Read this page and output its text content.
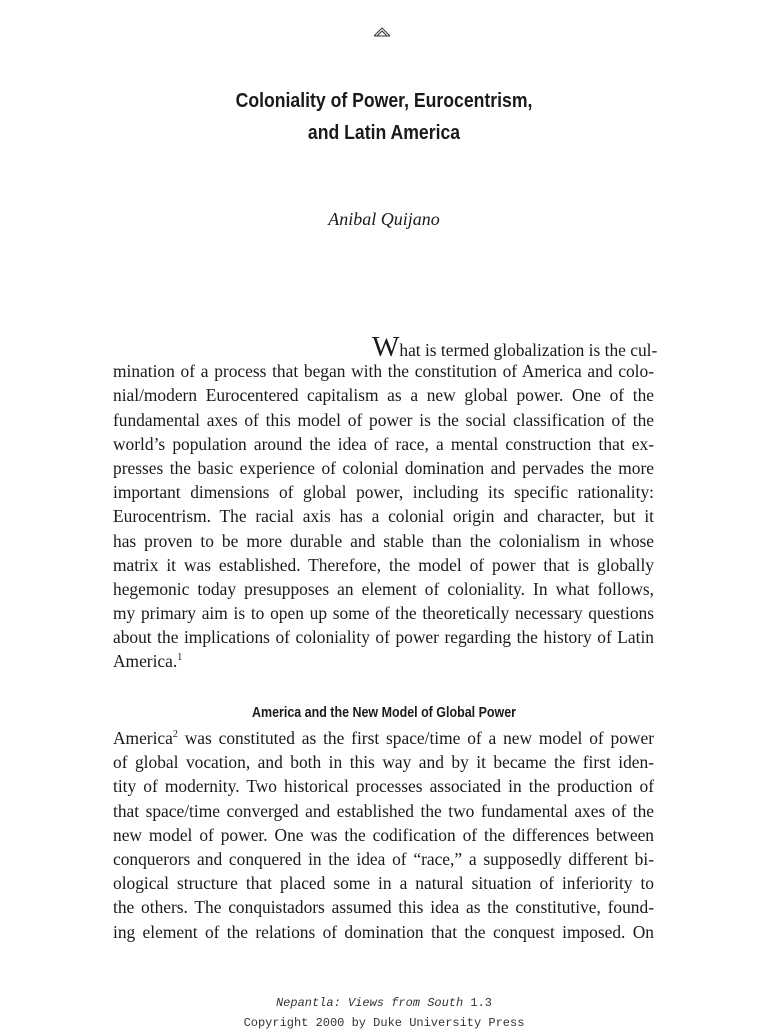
Coloniality of Power, Eurocentrism,
and Latin America
Anibal Quijano
What is termed globalization is the cul-
mination of a process that began with the constitution of America and colo-
nial/modern Eurocentered capitalism as a new global power. One of the
fundamental axes of this model of power is the social classification of the
world’s population around the idea of race, a mental construction that ex-
presses the basic experience of colonial domination and pervades the more
important dimensions of global power, including its specific rationality:
Eurocentrism. The racial axis has a colonial origin and character, but it
has proven to be more durable and stable than the colonialism in whose
matrix it was established. Therefore, the model of power that is globally
hegemonic today presupposes an element of coloniality. In what follows,
my primary aim is to open up some of the theoretically necessary questions
about the implications of coloniality of power regarding the history of Latin
America.$^1$
America and the New Model of Global Power
America$^2$ was constituted as the first space/time of a new model of power
of global vocation, and both in this way and by it became the first iden-
tity of modernity. Two historical processes associated in the production of
that space/time converged and established the two fundamental axes of the
new model of power. One was the codification of the differences between
conquerors and conquered in the idea of “race,” a supposedly different bi-
ological structure that placed some in a natural situation of inferiority to
the others. The conquistadors assumed this idea as the constitutive, found-
ing element of the relations of domination that the conquest imposed. On
Nepantla: Views from South 1.3
Copyright 2000 by Duke University Press
